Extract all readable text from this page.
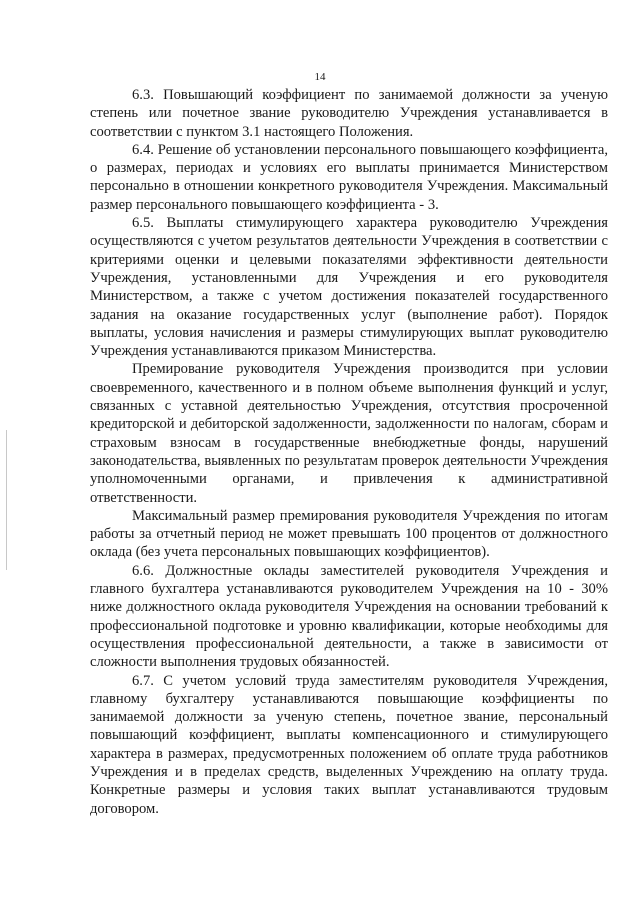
14

6.3. Повышающий коэффициент по занимаемой должности за ученую степень или почетное звание руководителю Учреждения устанавливается в соответствии с пунктом 3.1 настоящего Положения.

6.4. Решение об установлении персонального повышающего коэффициента, о размерах, периодах и условиях его выплаты принимается Министерством персонально в отношении конкретного руководителя Учреждения. Максимальный размер персонального повышающего коэффициента - 3.

6.5. Выплаты стимулирующего характера руководителю Учреждения осуществляются с учетом результатов деятельности Учреждения в соответствии с критериями оценки и целевыми показателями эффективности деятельности Учреждения, установленными для Учреждения и его руководителя Министерством, а также с учетом достижения показателей государственного задания на оказание государственных услуг (выполнение работ). Порядок выплаты, условия начисления и размеры стимулирующих выплат руководителю Учреждения устанавливаются приказом Министерства.

Премирование руководителя Учреждения производится при условии своевременного, качественного и в полном объеме выполнения функций и услуг, связанных с уставной деятельностью Учреждения, отсутствия просроченной кредиторской и дебиторской задолженности, задолженности по налогам, сборам и страховым взносам в государственные внебюджетные фонды, нарушений законодательства, выявленных по результатам проверок деятельности Учреждения уполномоченными органами, и привлечения к административной ответственности.

Максимальный размер премирования руководителя Учреждения по итогам работы за отчетный период не может превышать 100 процентов от должностного оклада (без учета персональных повышающих коэффициентов).

6.6. Должностные оклады заместителей руководителя Учреждения и главного бухгалтера устанавливаются руководителем Учреждения на 10 - 30% ниже должностного оклада руководителя Учреждения на основании требований к профессиональной подготовке и уровню квалификации, которые необходимы для осуществления профессиональной деятельности, а также в зависимости от сложности выполнения трудовых обязанностей.

6.7. С учетом условий труда заместителям руководителя Учреждения, главному бухгалтеру устанавливаются повышающие коэффициенты по занимаемой должности за ученую степень, почетное звание, персональный повышающий коэффициент, выплаты компенсационного и стимулирующего характера в размерах, предусмотренных положением об оплате труда работников Учреждения и в пределах средств, выделенных Учреждению на оплату труда. Конкретные размеры и условия таких выплат устанавливаются трудовым договором.
